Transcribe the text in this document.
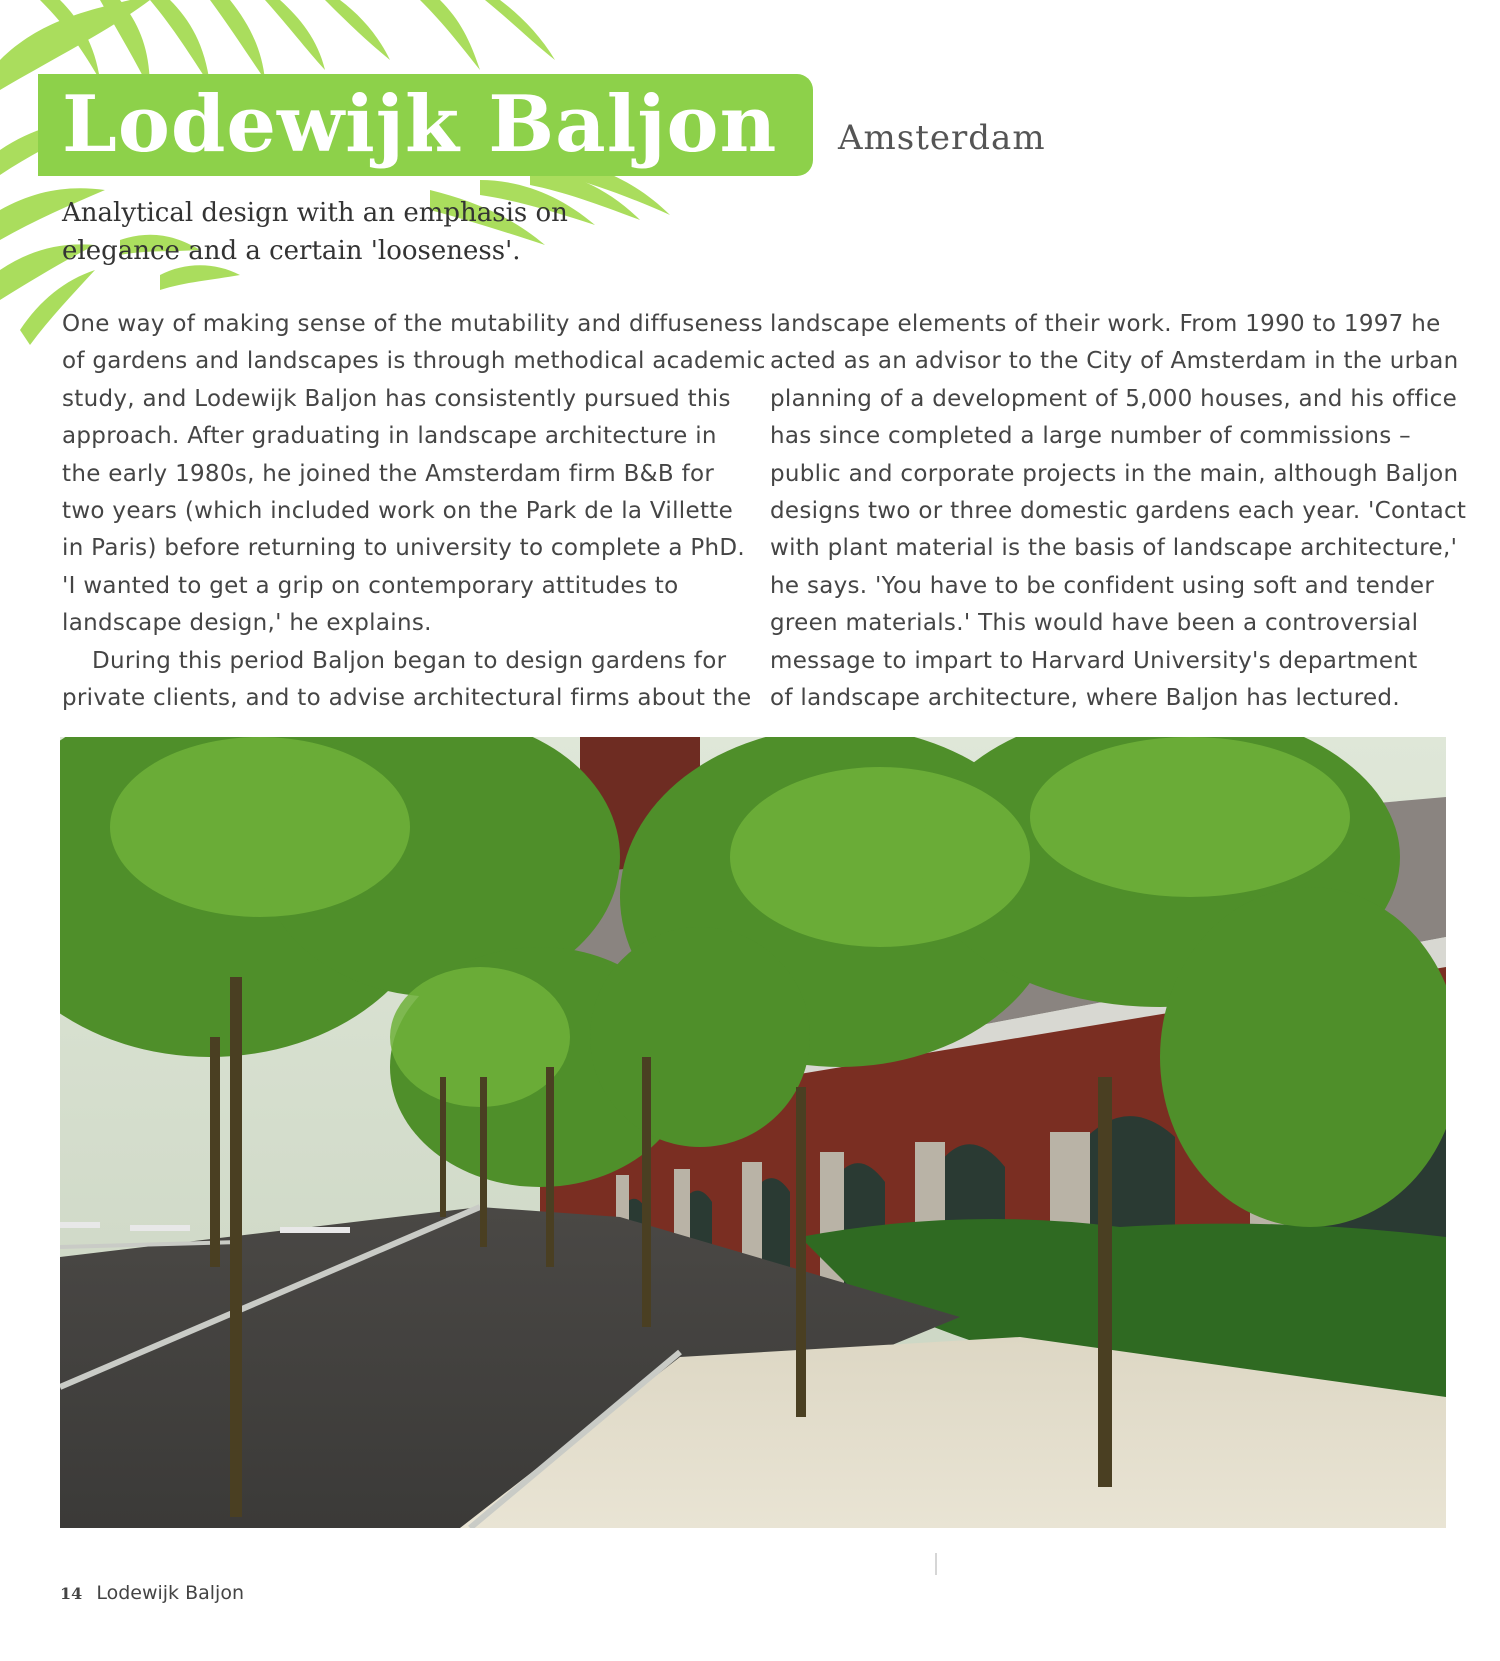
Lodewijk Baljon Amsterdam
Analytical design with an emphasis on
elegance and a certain 'looseness'.
One way of making sense of the mutability and diffuseness
of gardens and landscapes is through methodical academic
study, and Lodewijk Baljon has consistently pursued this
approach. After graduating in landscape architecture in
the early 1980s, he joined the Amsterdam firm B&B for
two years (which included work on the Park de la Villette
in Paris) before returning to university to complete a PhD.
'I wanted to get a grip on contemporary attitudes to
landscape design,' he explains.
During this period Baljon began to design gardens for
private clients, and to advise architectural firms about the
landscape elements of their work. From 1990 to 1997 he
acted as an advisor to the City of Amsterdam in the urban
planning of a development of 5,000 houses, and his office
has since completed a large number of commissions –
public and corporate projects in the main, although Baljon
designs two or three domestic gardens each year. 'Contact
with plant material is the basis of landscape architecture,'
he says. 'You have to be confident using soft and tender
green materials.' This would have been a controversial
message to impart to Harvard University's department
of landscape architecture, where Baljon has lectured.
14 Lodewijk Baljon
